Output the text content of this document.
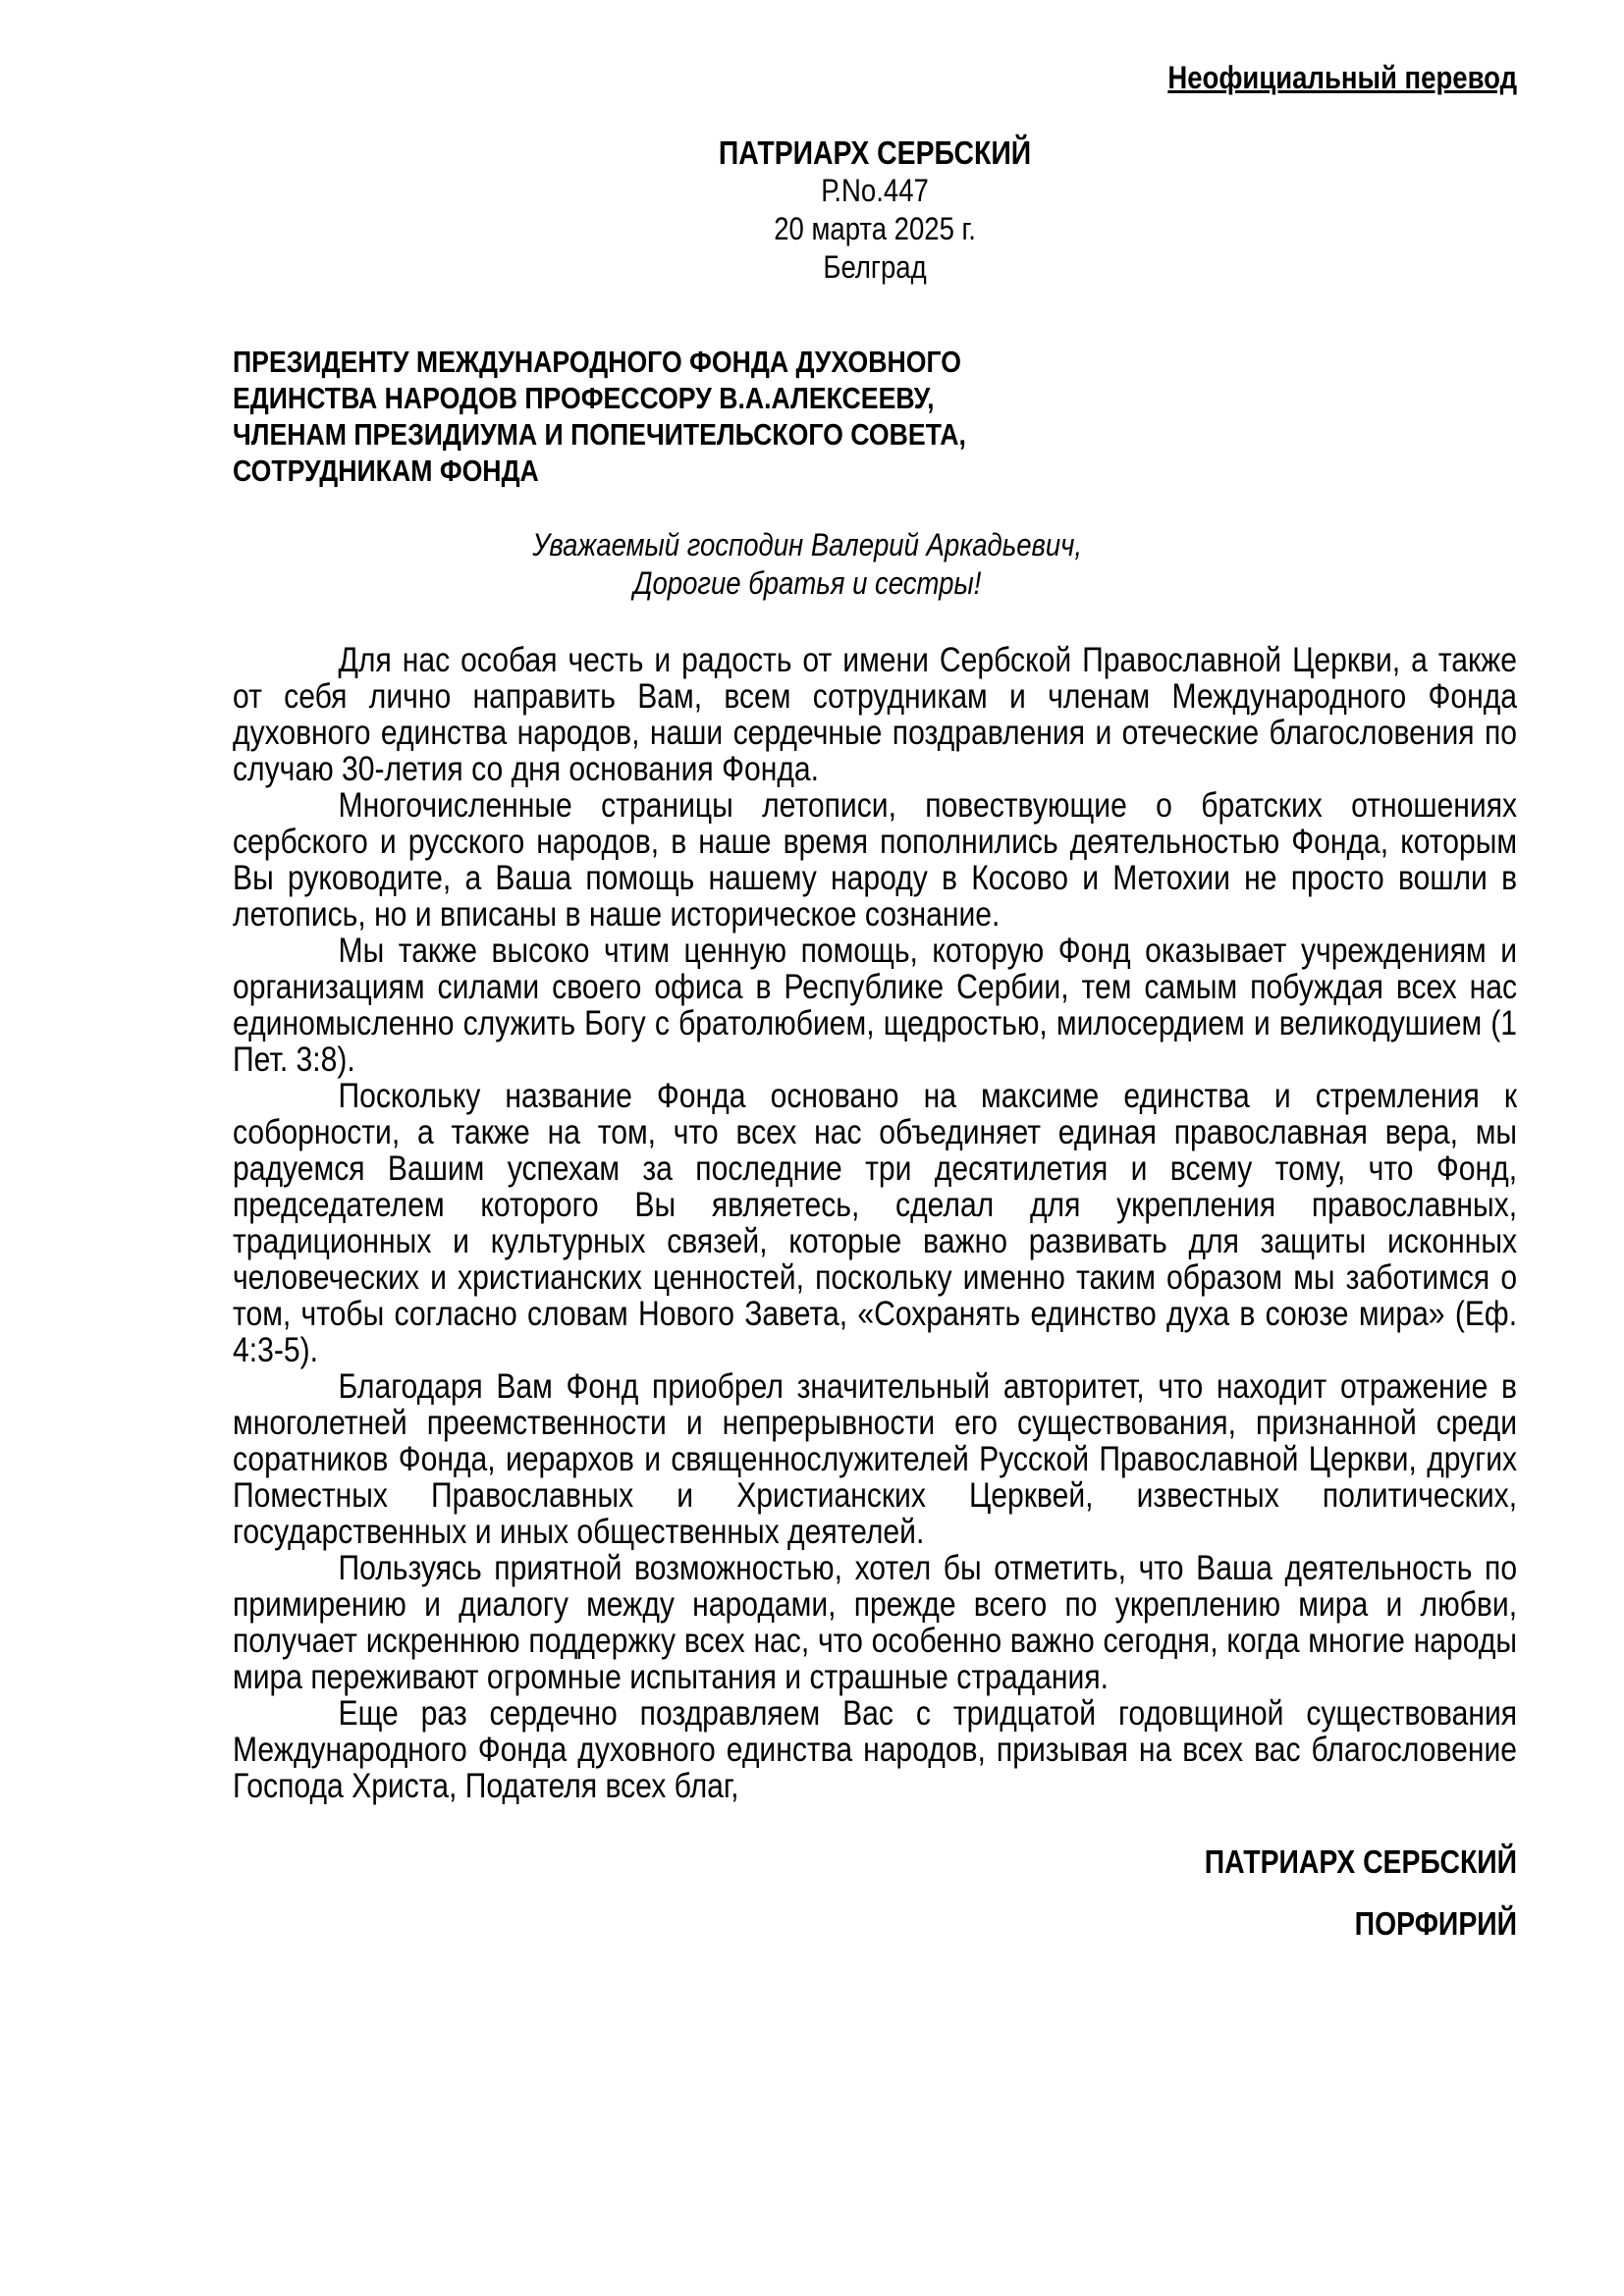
Неофициальный перевод
ПАТРИАРХ СЕРБСКИЙ
Р.No.447
20 марта 2025 г.
Белград
ПРЕЗИДЕНТУ МЕЖДУНАРОДНОГО ФОНДА ДУХОВНОГО
ЕДИНСТВА НАРОДОВ ПРОФЕССОРУ В.А.АЛЕКСЕЕВУ,
ЧЛЕНАМ ПРЕЗИДИУМА И ПОПЕЧИТЕЛЬСКОГО СОВЕТА,
СОТРУДНИКАМ ФОНДА
Уважаемый господин Валерий Аркадьевич,
Дорогие братья и сестры!

Для нас особая честь и радость от имени Сербской Православной Церкви, а также от себя лично направить Вам, всем сотрудникам и членам Международного Фонда духовного единства народов, наши сердечные поздравления и отеческие благословения по случаю 30-летия со дня основания Фонда.

Многочисленные страницы летописи, повествующие о братских отношениях сербского и русского народов, в наше время пополнились деятельностью Фонда, которым Вы руководите, а Ваша помощь нашему народу в Косово и Метохии не просто вошли в летопись, но и вписаны в наше историческое сознание.

Мы также высоко чтим ценную помощь, которую Фонд оказывает учреждениям и организациям силами своего офиса в Республике Сербии, тем самым побуждая всех нас единомысленно служить Богу с братолюбием, щедростью, милосердием и великодушием (1 Пет. 3:8).

Поскольку название Фонда основано на максиме единства и стремления к соборности, а также на том, что всех нас объединяет единая православная вера, мы радуемся Вашим успехам за последние три десятилетия и всему тому, что Фонд, председателем которого Вы являетесь, сделал для укрепления православных, традиционных и культурных связей, которые важно развивать для защиты исконных человеческих и христианских ценностей, поскольку именно таким образом мы заботимся о том, чтобы согласно словам Нового Завета, «Сохранять единство духа в союзе мира» (Еф. 4:3-5).

Благодаря Вам Фонд приобрел значительный авторитет, что находит отражение в многолетней преемственности и непрерывности его существования, признанной среди соратников Фонда, иерархов и священнослужителей Русской Православной Церкви, других Поместных Православных и Христианских Церквей, известных политических, государственных и иных общественных деятелей.

Пользуясь приятной возможностью, хотел бы отметить, что Ваша деятельность по примирению и диалогу между народами, прежде всего по укреплению мира и любви, получает искреннюю поддержку всех нас, что особенно важно сегодня, когда многие народы мира переживают огромные испытания и страшные страдания.

Еще раз сердечно поздравляем Вас с тридцатой годовщиной существования Международного Фонда духовного единства народов, призывая на всех вас благословение Господа Христа, Подателя всех благ,

ПАТРИАРХ СЕРБСКИЙ
ПОРФИРИЙ
